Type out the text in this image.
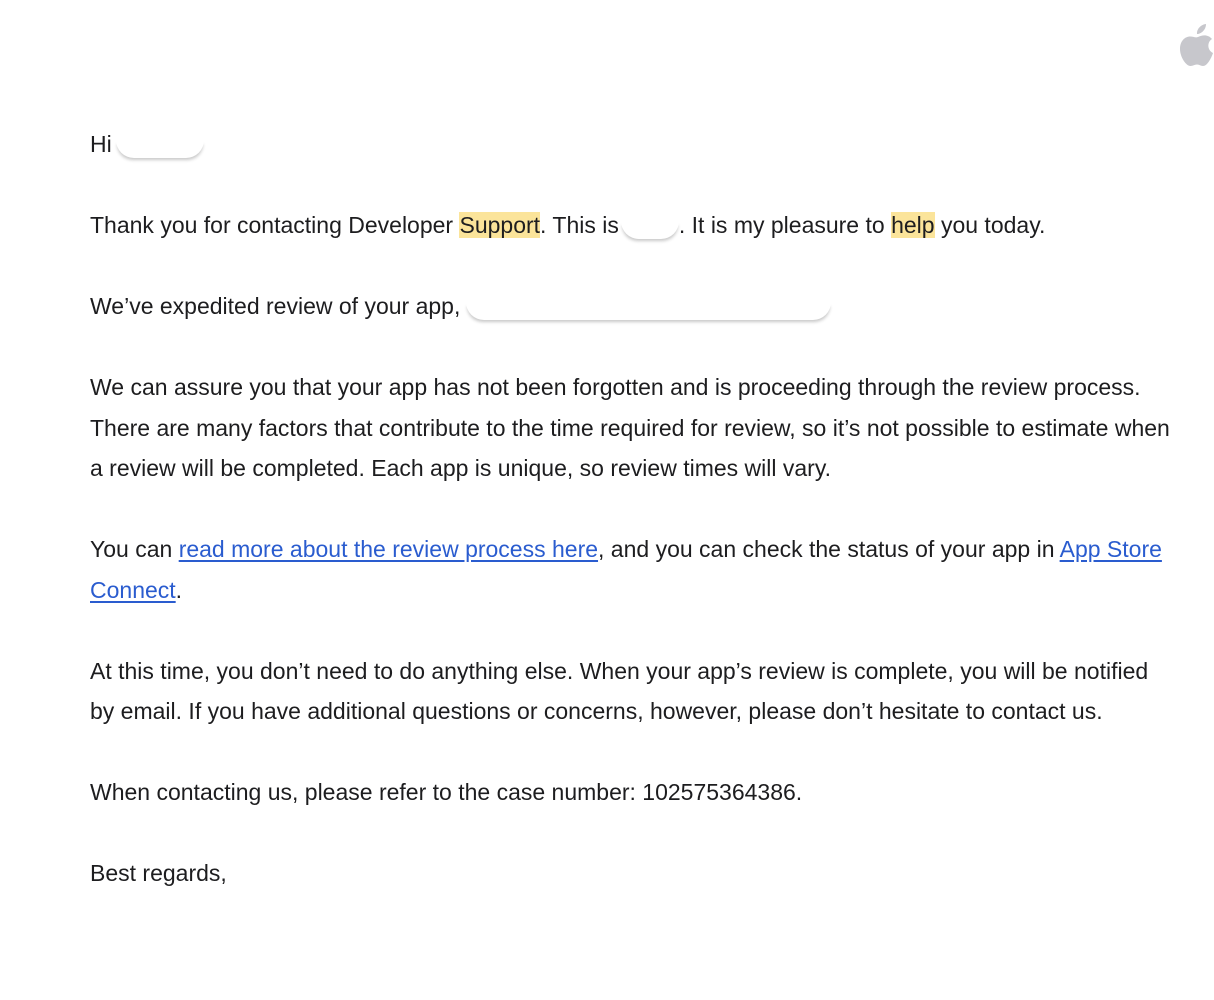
Hi

Thank you for contacting Developer Support. This is	. It is my pleasure to help you today.

We’ve expedited review of your app,

We can assure you that your app has not been forgotten and is proceeding through the review process. There are many factors that contribute to the time required for review, so it’s not possible to estimate when a review will be completed. Each app is unique, so review times will vary.

You can read more about the review process here, and you can check the status of your app in App Store Connect.

At this time, you don’t need to do anything else. When your app’s review is complete, you will be notified by email. If you have additional questions or concerns, however, please don’t hesitate to contact us.

When contacting us, please refer to the case number: 102575364386.

Best regards,
